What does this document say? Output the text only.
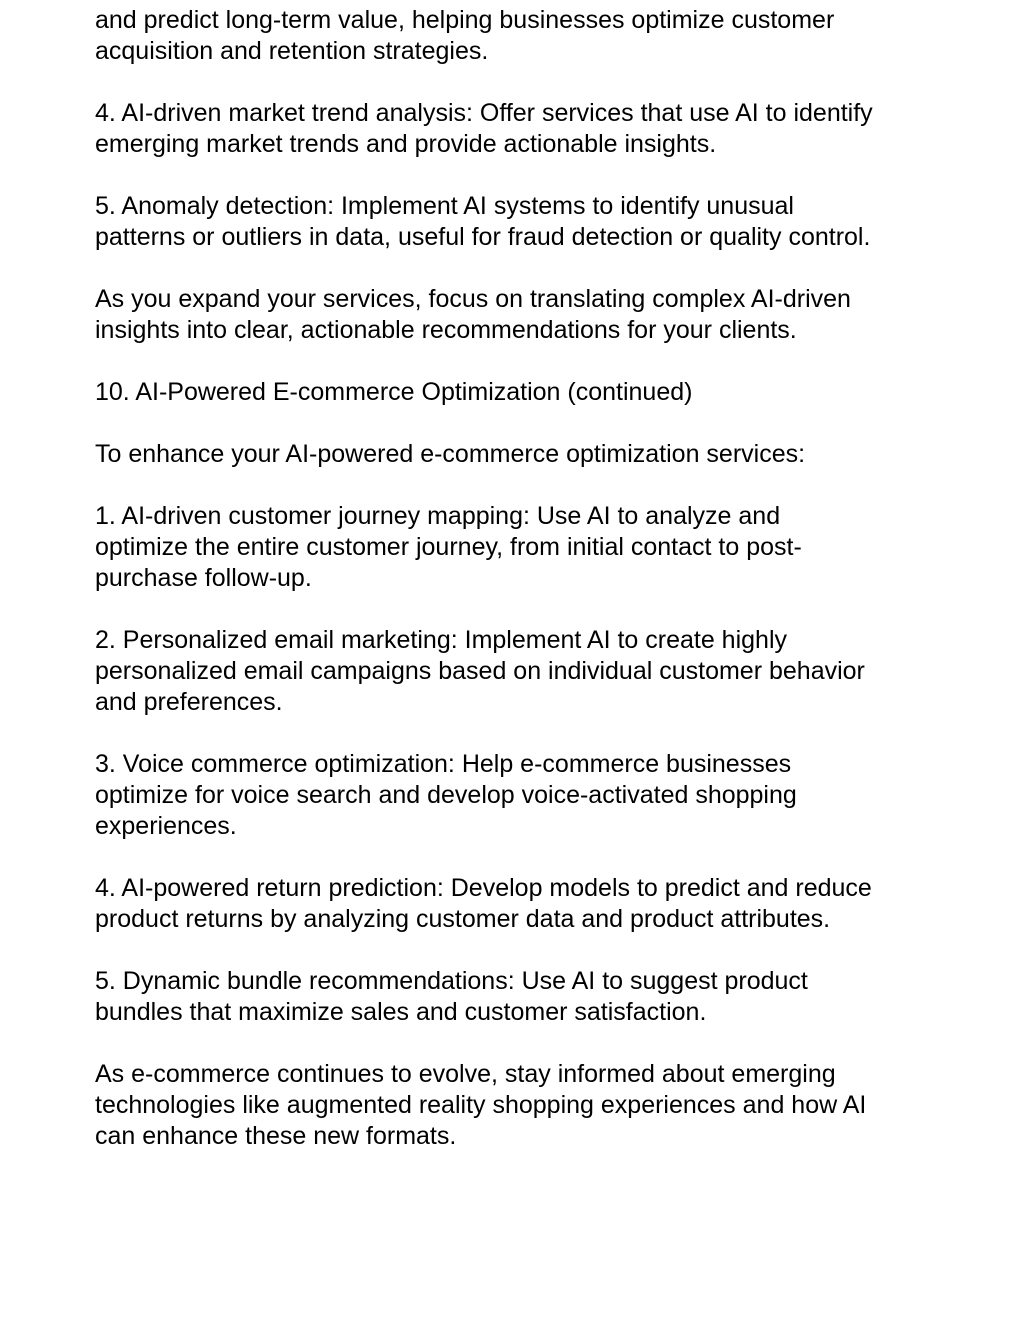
and predict long-term value, helping businesses optimize customer
acquisition and retention strategies.

4. AI-driven market trend analysis: Offer services that use AI to identify
emerging market trends and provide actionable insights.

5. Anomaly detection: Implement AI systems to identify unusual
patterns or outliers in data, useful for fraud detection or quality control.

As you expand your services, focus on translating complex AI-driven
insights into clear, actionable recommendations for your clients.

10. AI-Powered E-commerce Optimization (continued)

To enhance your AI-powered e-commerce optimization services:

1. AI-driven customer journey mapping: Use AI to analyze and
optimize the entire customer journey, from initial contact to post-
purchase follow-up.

2. Personalized email marketing: Implement AI to create highly
personalized email campaigns based on individual customer behavior
and preferences.

3. Voice commerce optimization: Help e-commerce businesses
optimize for voice search and develop voice-activated shopping
experiences.

4. AI-powered return prediction: Develop models to predict and reduce
product returns by analyzing customer data and product attributes.

5. Dynamic bundle recommendations: Use AI to suggest product
bundles that maximize sales and customer satisfaction.

As e-commerce continues to evolve, stay informed about emerging
technologies like augmented reality shopping experiences and how AI
can enhance these new formats.
